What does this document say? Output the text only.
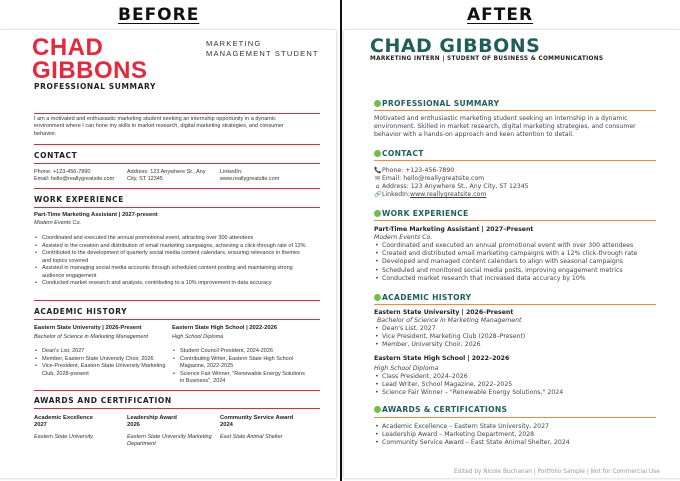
BEFORE	AFTER
CHAD
GIBBONS
MARKETING
MANAGEMENT STUDENT
PROFESSIONAL SUMMARY
I am a motivated and enthusiastic marketing student seeking an internship opportunity in a dynamic environment where I can hone my skills in market research, digital marketing strategies, and consumer behavior.
CONTACT
Phone: +123-456-7890
Email: hello@reallygreatsite.com
Address: 123 Anywhere St., Any
City, ST 12345
LinkedIn:
www.reallygreatsite.com
WORK EXPERIENCE
Part-Time Marketing Assistant | 2027-present
Modern Events Co.
• Coordinated and executed the annual promotional event, attracting over 300 attendees
• Assisted in the creation and distribution of email marketing campaigns, achieving a click-through rate of 12%
• Contributed to the development of quarterly social media content calendars, ensuring relevance in themes and topics covered
• Assisted in managing social media accounts through scheduled content posting and maintaining strong audience engagement
• Conducted market research and analysis, contributing to a 10% improvement in data accuracy
ACADEMIC HISTORY
Eastern State University | 2026-Present
Bachelor of Science in Marketing Management
• Dean's List, 2027
• Member, Eastern State University Choir, 2026
• Vice-President, Eastern State University Marketing Club, 2028-present
Eastern State High School | 2022-2026
High School Diploma
• Student Council President, 2024-2026
• Contributing Writer, Eastern State High School Magazine, 2022-2025
• Science Fair Winner, "Renewable Energy Solutions in Business", 2024
AWARDS AND CERTIFICATION
Academic Excellence
2027
Eastern State University
Leadership Award
2026
Eastern State University Marketing Department
Community Service Award
2024
East State Animal Shelter
CHAD GIBBONS
MARKETING INTERN | STUDENT OF BUSINESS & COMMUNICATIONS
PROFESSIONAL SUMMARY
Motivated and enthusiastic marketing student seeking an internship in a dynamic environment. Skilled in market research, digital marketing strategies, and consumer behavior with a hands-on approach and keen attention to detail.
CONTACT
📞 Phone: +123-456-7890
✉ Email: hello@reallygreatsite.com
⌂ Address: 123 Anywhere St., Any City, ST 12345
🔗 LinkedIn: www.reallygreatsite.com
WORK EXPERIENCE
Part-Time Marketing Assistant | 2027–Present
Modern Events Co.
• Coordinated and executed an annual promotional event with over 300 attendees
• Created and distributed email marketing campaigns with a 12% click-through rate
• Developed and managed content calendars to align with seasonal campaigns
• Scheduled and monitored social media posts, improving engagement metrics
• Conducted market research that increased data accuracy by 10%
ACADEMIC HISTORY
Eastern State University | 2026–Present
Bachelor of Science in Marketing Management
• Dean's List, 2027
• Vice President, Marketing Club (2028–Present)
• Member, University Choir, 2026
Eastern State High School | 2022–2026
High School Diploma
• Class President, 2024–2026
• Lead Writer, School Magazine, 2022–2025
• Science Fair Winner – "Renewable Energy Solutions," 2024
AWARDS & CERTIFICATIONS
• Academic Excellence – Eastern State University, 2027
• Leadership Award – Marketing Department, 2028
• Community Service Award – East State Animal Shelter, 2024
Edited by Nicole Buchanan | Portfolio Sample | Not for Commercial Use
